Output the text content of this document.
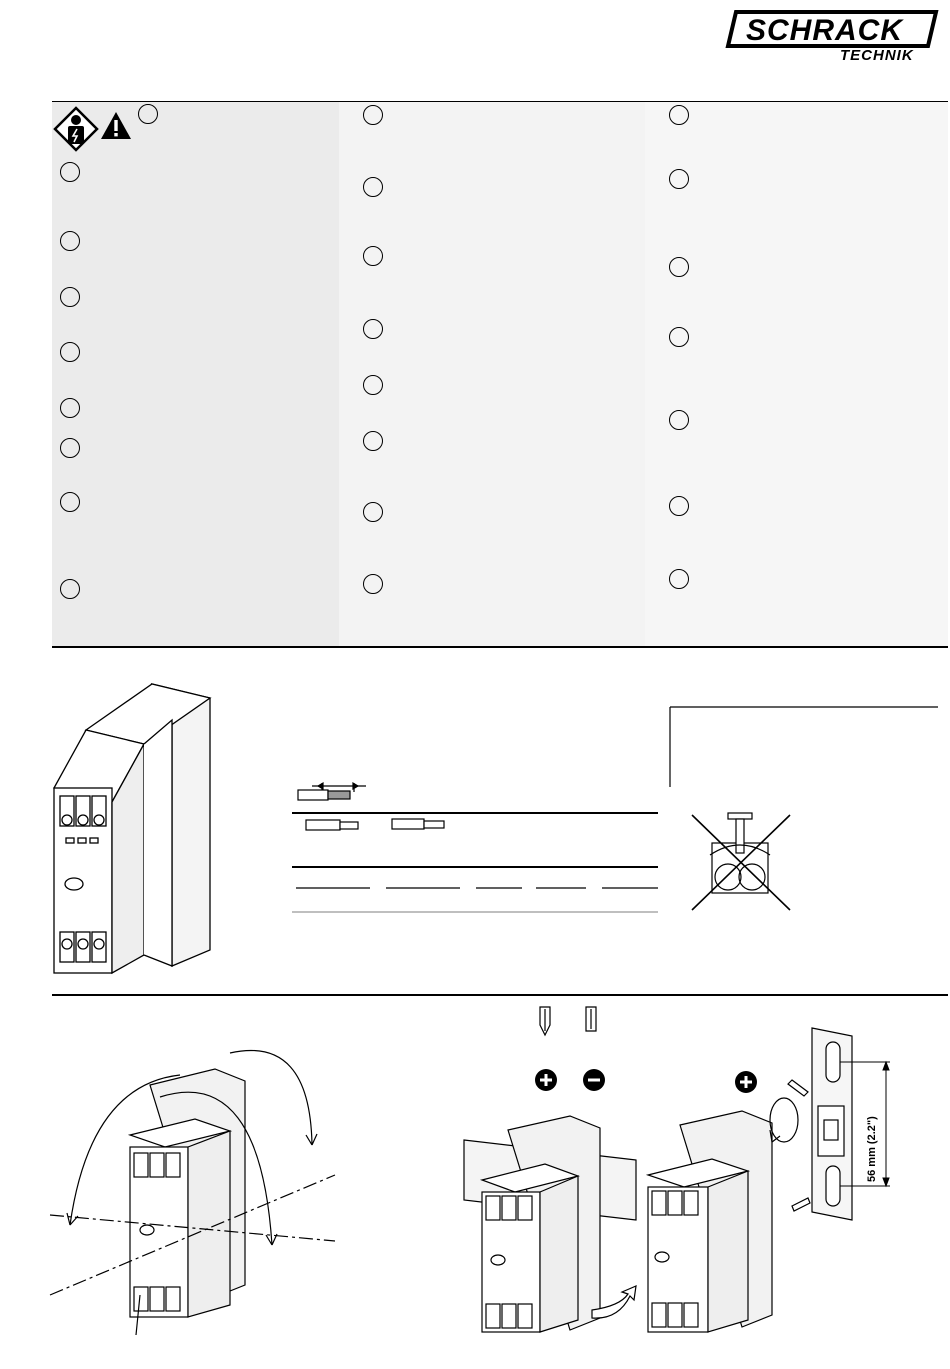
SCHRACK
TECHNIK
56 mm (2.2")
